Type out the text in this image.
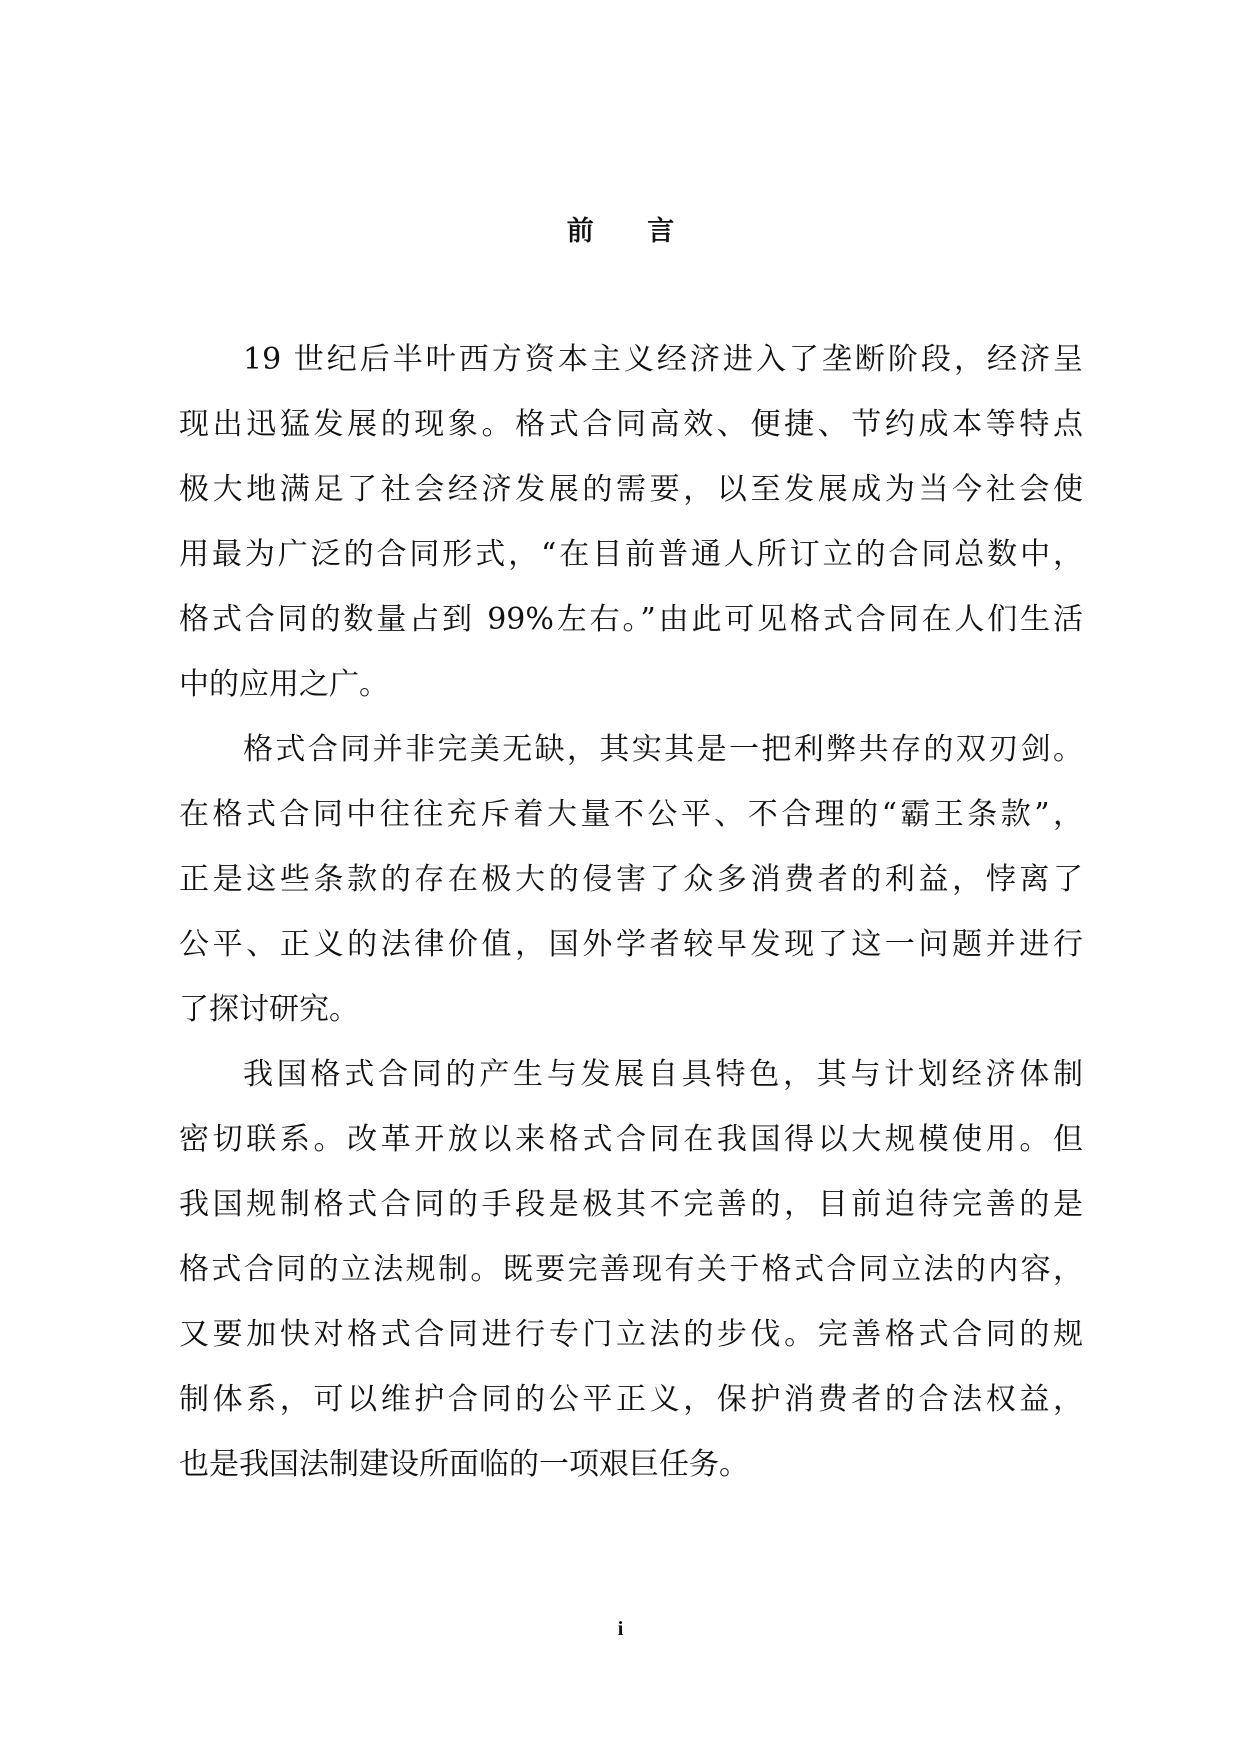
前 言
19 世纪后半叶西方资本主义经济进入了垄断阶段，经济呈
现出迅猛发展的现象。格式合同高效、便捷、节约成本等特点
极大地满足了社会经济发展的需要，以至发展成为当今社会使
用最为广泛的合同形式，“在目前普通人所订立的合同总数中，
格式合同的数量占到 99%左右。”由此可见格式合同在人们生活
中的应用之广。
格式合同并非完美无缺，其实其是一把利弊共存的双刃剑。
在格式合同中往往充斥着大量不公平、不合理的“霸王条款”，
正是这些条款的存在极大的侵害了众多消费者的利益，悖离了
公平、正义的法律价值，国外学者较早发现了这一问题并进行
了探讨研究。
我国格式合同的产生与发展自具特色，其与计划经济体制
密切联系。改革开放以来格式合同在我国得以大规模使用。但
我国规制格式合同的手段是极其不完善的，目前迫待完善的是
格式合同的立法规制。既要完善现有关于格式合同立法的内容，
又要加快对格式合同进行专门立法的步伐。完善格式合同的规
制体系，可以维护合同的公平正义，保护消费者的合法权益，
也是我国法制建设所面临的一项艰巨任务。
i
